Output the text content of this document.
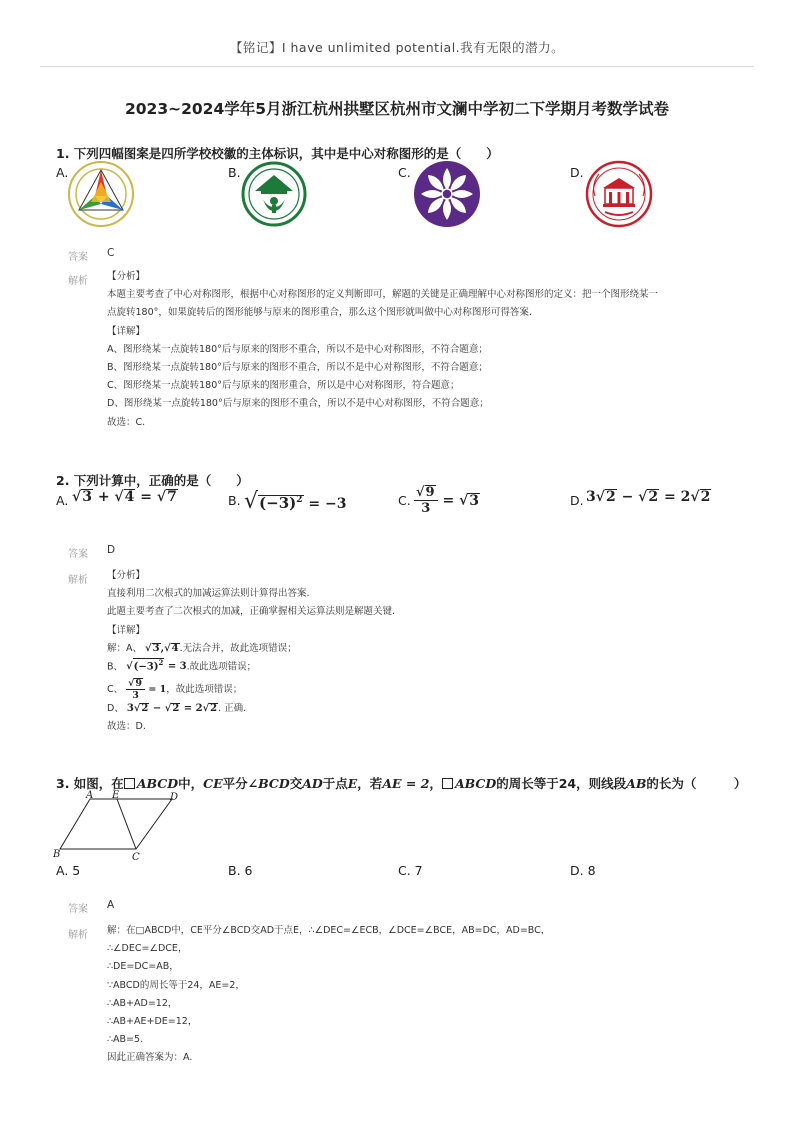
【铭记】I have unlimited potential.我有无限的潜力。
2023~2024学年5月浙江杭州拱墅区杭州市文澜中学初二下学期月考数学试卷
1. 下列四幅图案是四所学校校徽的主体标识，其中是中心对称图形的是（　　）
A.	B.	C.	D.
答案 C
解析 【分析】
本题主要考查了中心对称图形，根据中心对称图形的定义判断即可，解题的关键是正确理解中心对称图形的定义：把一个图形绕某一
点旋转180°，如果旋转后的图形能够与原来的图形重合，那么这个图形就叫做中心对称图形可得答案.
【详解】
A、图形绕某一点旋转180°后与原来的图形不重合，所以不是中心对称图形，不符合题意；
B、图形绕某一点旋转180°后与原来的图形不重合，所以不是中心对称图形，不符合题意；
C、图形绕某一点旋转180°后与原来的图形重合，所以是中心对称图形，符合题意；
D、图形绕某一点旋转180°后与原来的图形不重合，所以不是中心对称图形，不符合题意；
故选：C.
2. 下列计算中，正确的是（　　）
A. √3 + √4 = √7	B. $√(-3)^2 = -3$	C. $\frac{√9}{3} = √3$	D. 3√2 − √2 = 2√2
答案 D
解析 【分析】
直接利用二次根式的加减运算法则计算得出答案.
此题主要考查了二次根式的加减，正确掌握相关运算法则是解题关键.
【详解】
解：A、 √3,√4.无法合并，故此选项错误；
B、 $√(-3)^2 = 3$.故此选项错误；
C、 $\frac{√9}{3} = 1$，故此选项错误；
D、 3√2 − √2 = 2√2. 正确.
故选：D.
3. 如图，在 ABCD中，CE平分∠BCD交AD于点E，若AE = 2， ABCD的周长等于24，则线段AB的长为（　　　）
A E	D
B	C
A. 5	B. 6	C. 7	D. 8
答案 A
解析 解：在□ABCD中，CE平分∠BCD交AD于点E，∴∠DEC=∠ECB，∠DCE=∠BCE，AB=DC，AD=BC，
∴∠DEC=∠DCE，
∴DE=DC=AB，
∵ABCD的周长等于24，AE=2，
∴AB+AD=12，
∴AB+AE+DE=12，
∴AB=5.
因此正确答案为：A.
